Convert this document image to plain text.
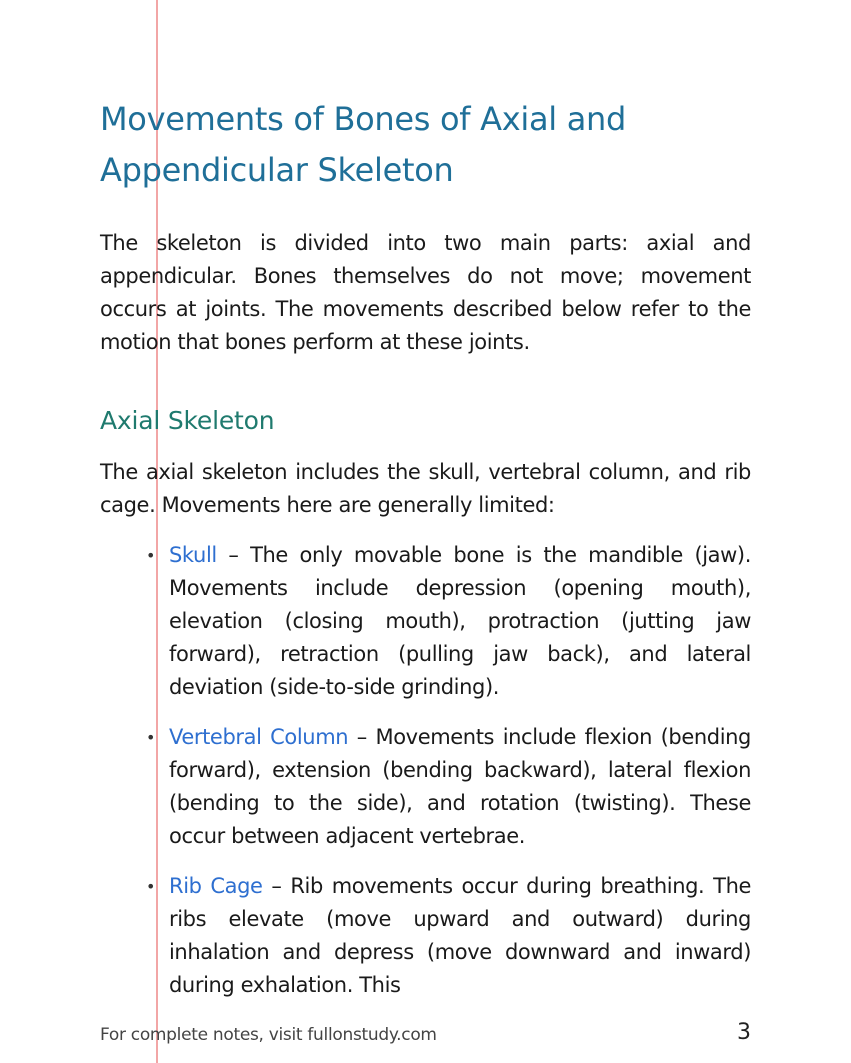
Movements of Bones of Axial and Appendicular Skeleton

The skeleton is divided into two main parts: axial and appendicular. Bones themselves do not move; movement occurs at joints. The movements described below refer to the motion that bones perform at these joints.

Axial Skeleton

The axial skeleton includes the skull, vertebral column, and rib cage. Movements here are generally limited:

• Skull – The only movable bone is the mandible (jaw). Movements include depression (opening mouth), elevation (closing mouth), protraction (jutting jaw forward), retraction (pulling jaw back), and lateral deviation (side-to-side grinding).

• Vertebral Column – Movements include flexion (bending forward), extension (bending backward), lateral flexion (bending to the side), and rotation (twisting). These occur between adjacent vertebrae.

• Rib Cage – Rib movements occur during breathing. The ribs elevate (move upward and outward) during inhalation and depress (move downward and inward) during exhalation. This

For complete notes, visit fullonstudy.com	3
